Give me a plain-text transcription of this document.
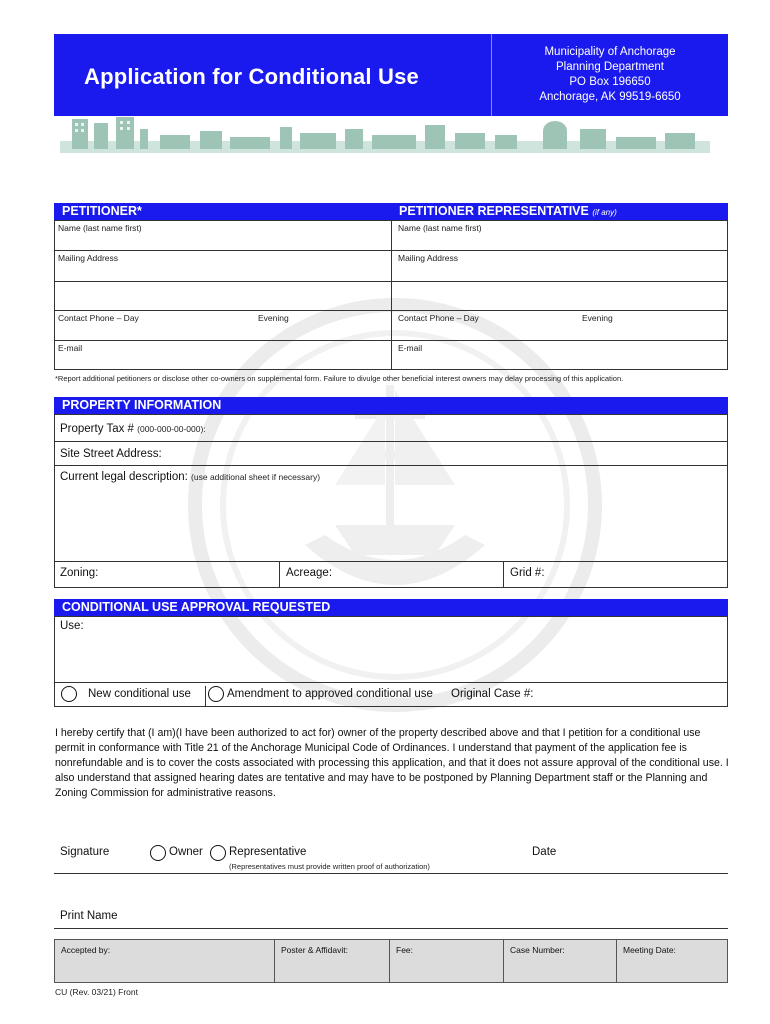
Application for Conditional Use
Municipality of Anchorage
Planning Department
PO Box 196650
Anchorage, AK 99519-6650
PETITIONER*	PETITIONER REPRESENTATIVE (if any)
Name (last name first)
Mailing Address
Contact Phone – Day	Evening
E-mail
Name (last name first)
Mailing Address
Contact Phone – Day	Evening
E-mail
*Report additional petitioners or disclose other co-owners on supplemental form. Failure to divulge other beneficial interest owners may delay processing of this application.
PROPERTY INFORMATION
Property Tax # (000-000-00-000):
Site Street Address:
Current legal description: (use additional sheet if necessary)
Zoning:	Acreage:	Grid #:
CONDITIONAL USE APPROVAL REQUESTED
Use:
New conditional use	Amendment to approved conditional use Original Case #:
I hereby certify that (I am)(I have been authorized to act for) owner of the property described above and that I petition for a conditional use permit in conformance with Title 21 of the Anchorage Municipal Code of Ordinances. I understand that payment of the application fee is nonrefundable and is to cover the costs associated with processing this application, and that it does not assure approval of the conditional use. I also understand that assigned hearing dates are tentative and may have to be postponed by Planning Department staff or the Planning and Zoning Commission for administrative reasons.
Signature	Owner Representative
(Representatives must provide written proof of authorization)
Date
Print Name
Accepted by:	Poster & Affidavit:	Fee:	Case Number:	Meeting Date:
CU (Rev. 03/21) Front
